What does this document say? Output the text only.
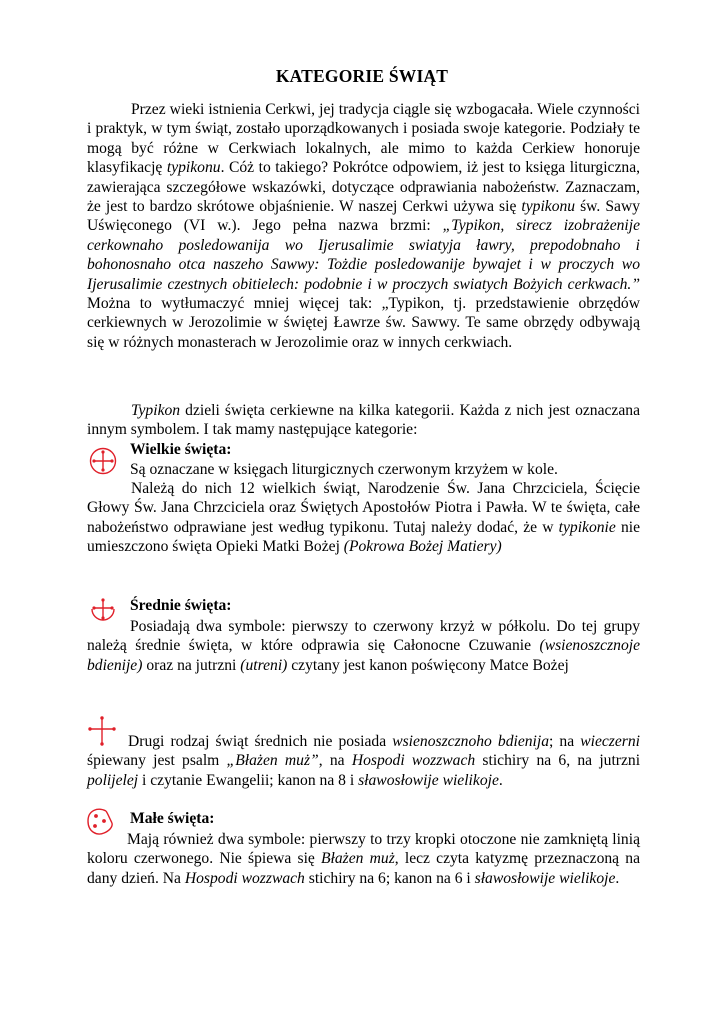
KATEGORIE ŚWIĄT

Przez wieki istnienia Cerkwi, jej tradycja ciągle się wzbogacała. Wiele czynności i praktyk, w tym świąt, zostało uporządkowanych i posiada swoje kategorie. Podziały te mogą być różne w Cerkwiach lokalnych, ale mimo to każda Cerkiew honoruje klasyfikację typikonu. Cóż to takiego? Pokrótce odpowiem, iż jest to księga liturgiczna, zawierająca szczegółowe wskazówki, dotyczące odprawiania nabożeństw. Zaznaczam, że jest to bardzo skrótowe objaśnienie. W naszej Cerkwi używa się typikonu św. Sawy Uświęconego (VI w.). Jego pełna nazwa brzmi: „Typikon, sirecz izobrażenije cerkownaho posledowanija wo Ijerusalimie swiatyja ławry, prepodobnaho i bohonosnaho otca naszeho Sawwy: Tożdie posledowanije bywajet i w proczych wo Ijerusalimie czestnych obitielech: podobnie i w proczych swiatych Bożyich cerkwach.” Można to wytłumaczyć mniej więcej tak: „Typikon, tj. przedstawienie obrzędów cerkiewnych w Jerozolimie w świętej Ławrze św. Sawwy. Te same obrzędy odbywają się w różnych monasterach w Jerozolimie oraz w innych cerkwiach.

Typikon dzieli święta cerkiewne na kilka kategorii. Każda z nich jest oznaczana innym symbolem. I tak mamy następujące kategorie:

Wielkie święta:

Są oznaczane w księgach liturgicznych czerwonym krzyżem w kole.

Należą do nich 12 wielkich świąt, Narodzenie Św. Jana Chrzciciela, Ścięcie Głowy Św. Jana Chrzciciela oraz Świętych Apostołów Piotra i Pawła. W te święta, całe nabożeństwo odprawiane jest według typikonu. Tutaj należy dodać, że w typikonie nie umieszczono święta Opieki Matki Bożej (Pokrowa Bożej Matiery)

Średnie święta:

Posiadają dwa symbole: pierwszy to czerwony krzyż w półkolu. Do tej grupy należą średnie święta, w które odprawia się Całonocne Czuwanie (wsienoszcznoje bdienije) oraz na jutrzni (utreni) czytany jest kanon poświęcony Matce Bożej

Drugi rodzaj świąt średnich nie posiada wsienoszcznoho bdienija; na wieczerni śpiewany jest psalm „Błażen muż”, na Hospodi wozzwach stichiry na 6, na jutrzni polijelej i czytanie Ewangelii; kanon na 8 i sławosłowije wielikoje.

Małe święta:

Mają również dwa symbole: pierwszy to trzy kropki otoczone nie zamkniętą linią koloru czerwonego. Nie śpiewa się Błażen muż, lecz czyta katyzmę przeznaczoną na dany dzień. Na Hospodi wozzwach stichiry na 6; kanon na 6 i sławosłowije wielikoje.
